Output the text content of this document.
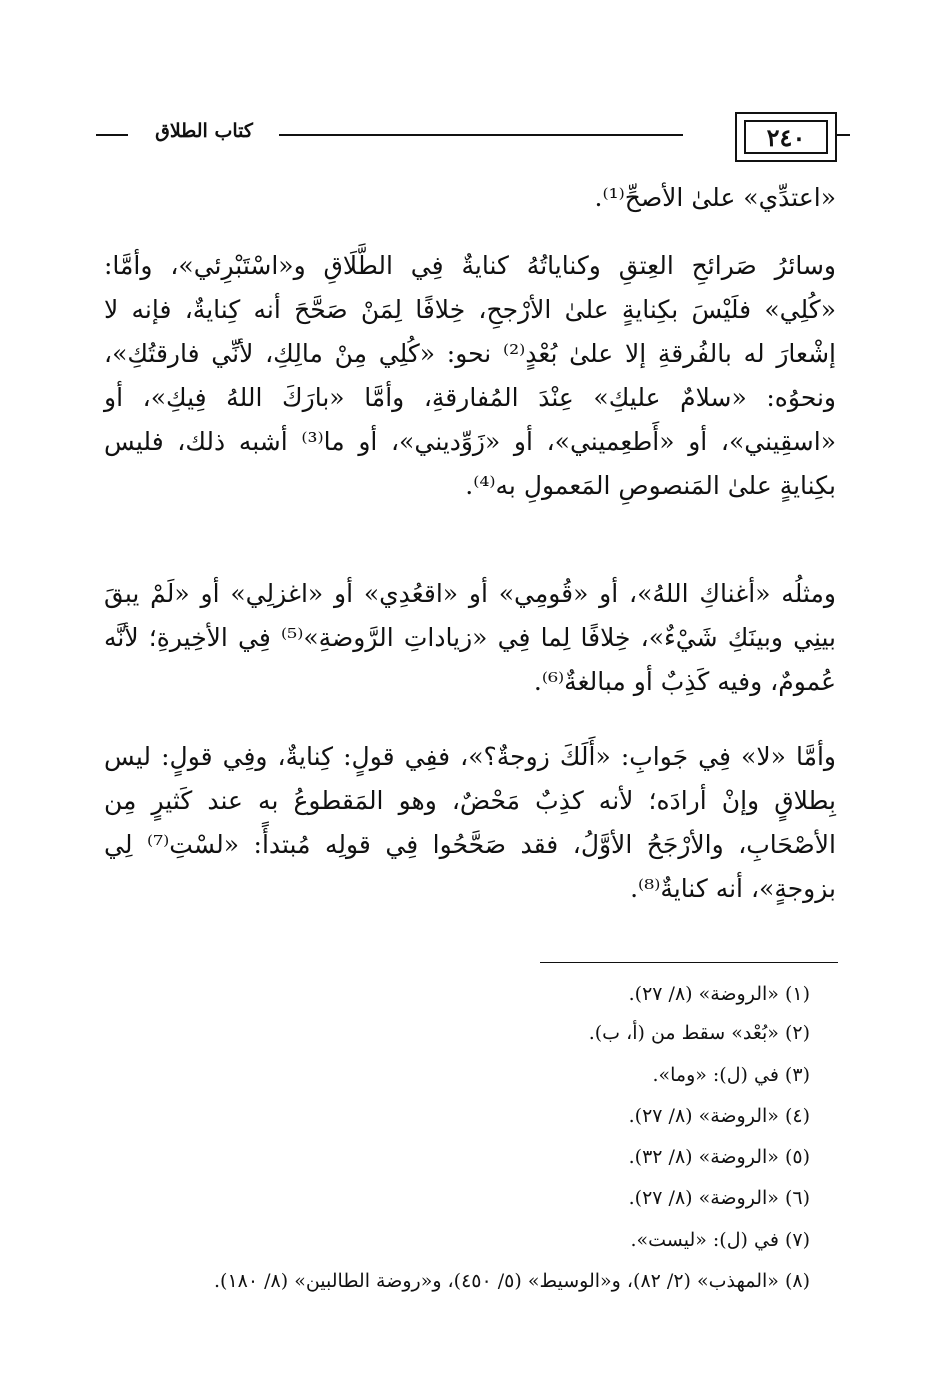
٢٤٠
كتاب الطلاق
«اعتدِّي» علىٰ الأصحِّ⁽¹⁾.
وسائرُ صَرائحِ العِتقِ وكناياتُهُ كنايةٌ فِي الطَّلَاقِ و«اسْتَبْرِئي»، وأمَّا: «كُلِي» فلَيْسَ بكِنايةٍ علىٰ الأرْجحِ، خِلافًا لِمَنْ صَحَّحَ أنه كِنايةٌ، فإنه لا إشْعارَ له بالفُرقةِ إلا علىٰ بُعْدٍ⁽²⁾ نحو: «كُلِي مِنْ مالِكِ، لأنِّي فارقتُكِ»، ونحوُه: «سلامٌ عليكِ» عِنْدَ المُفارقةِ، وأمَّا «بارَكَ اللهُ فِيكِ»، أو «اسقِيني»، أو «أَطعِميني»، أو «زَوِّديني»، أو ما⁽³⁾ أشبه ذلك، فليس بكِنايةٍ علىٰ المَنصوصِ المَعمولِ به⁽⁴⁾.
ومثلُه «أغناكِ اللهُ»، أو «قُومِي» أو «اقعُدِي» أو «اغزلِي» أو «لَمْ يبقَ بينِي وبينَكِ شَيْءٌ»، خِلافًا لِما فِي «زياداتِ الرَّوضةِ»⁽⁵⁾ فِي الأخِيرةِ؛ لأنَّه عُمومٌ، وفيه كَذِبٌ أو مبالغةٌ⁽⁶⁾.
وأمَّا «لا» فِي جَوابِ: «أَلَكَ زوجةٌ؟»، ففِي قولٍ: كِنايةٌ، وفِي قولٍ: ليس بِطلاقٍ وإنْ أرادَه؛ لأنه كذِبٌ مَحْضٌ، وهو المَقطوعُ به عند كَثيرٍ مِن الأصْحَابِ، والأرْجَحُ الأوَّلُ، فقد صَحَّحُوا فِي قولِه مُبتدأً: «لسْتِ⁽⁷⁾ لِي بزوجةٍ»، أنه كنايةٌ⁽⁸⁾.
(١) «الروضة» (٨/ ٢٧).
(٢) «بُعْد» سقط من (أ، ب).
(٣) في (ل): «وما».
(٤) «الروضة» (٨/ ٢٧).
(٥) «الروضة» (٨/ ٣٢).
(٦) «الروضة» (٨/ ٢٧).
(٧) في (ل): «ليست».
(٨) «المهذب» (٢/ ٨٢)، و«الوسيط» (٥/ ٤٥٠)، و«روضة الطالبين» (٨/ ١٨٠).
